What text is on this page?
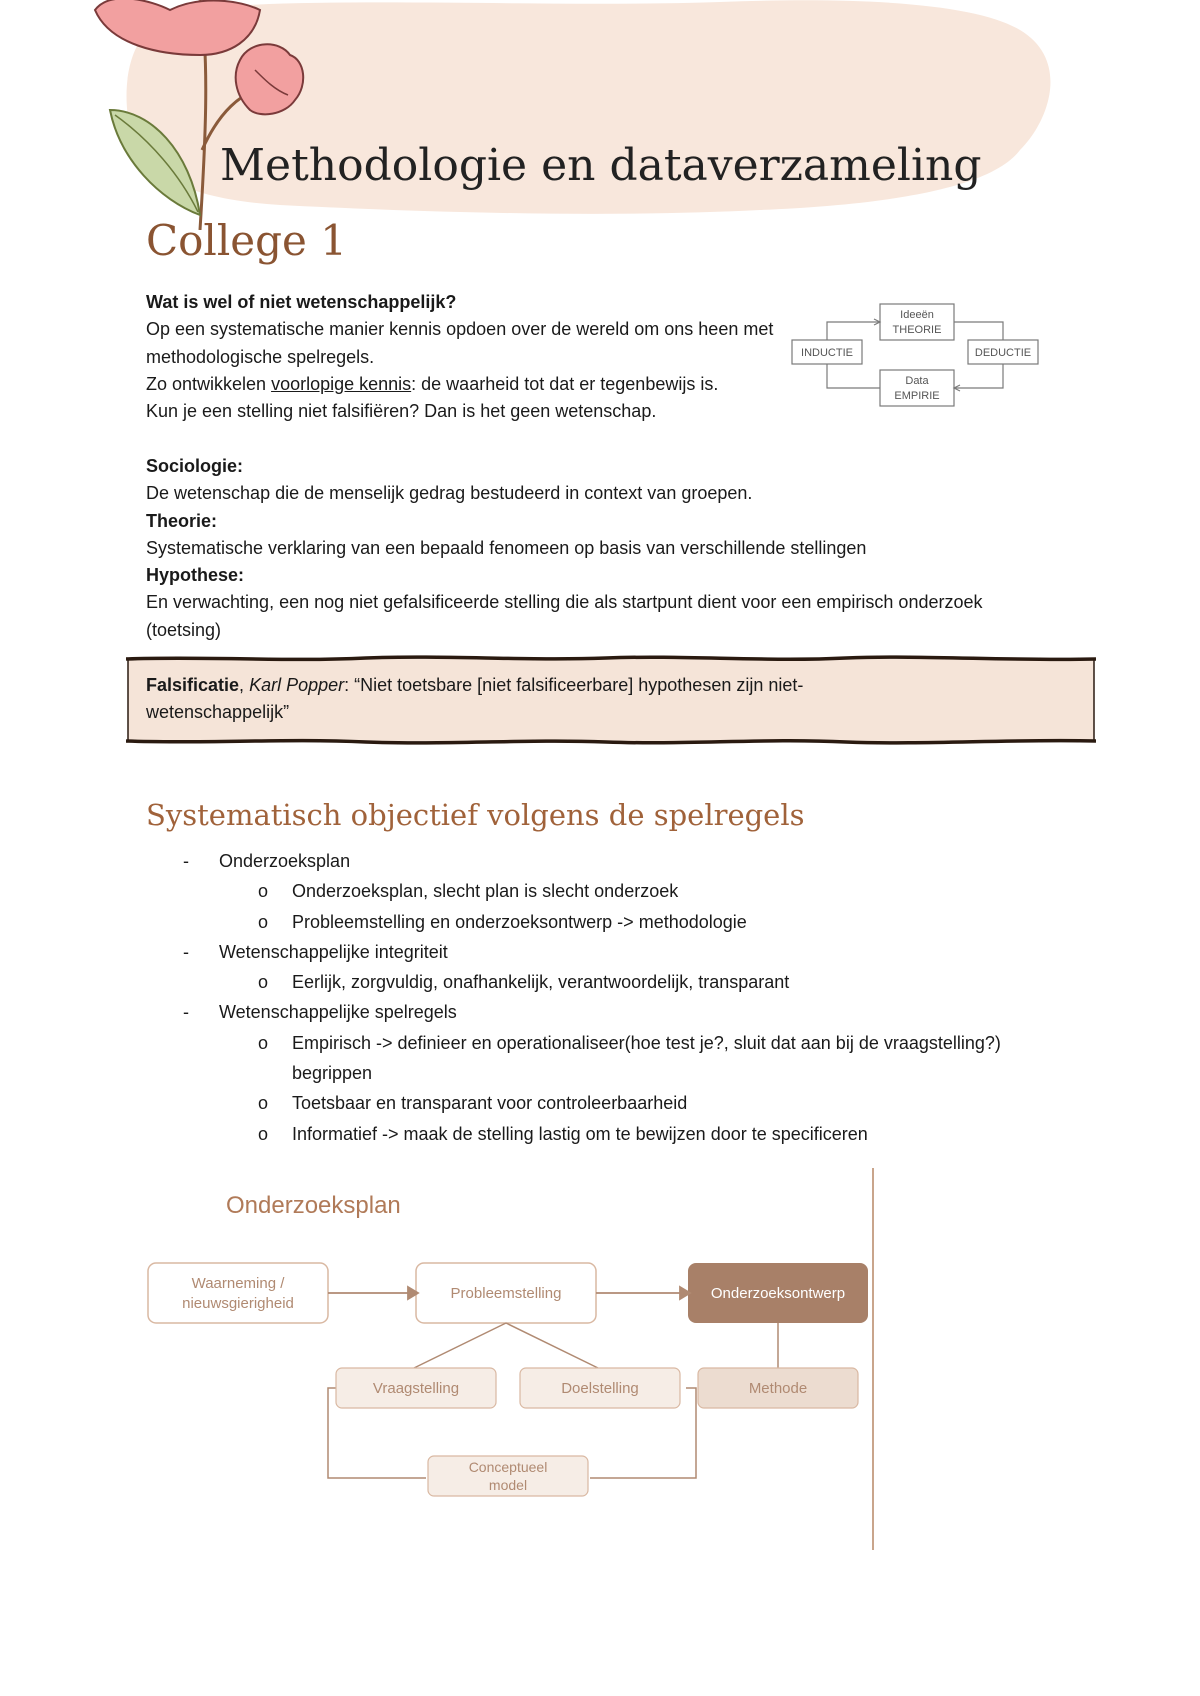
Methodologie en dataverzameling
College 1

Wat is wel of niet wetenschappelijk?

Op een systematische manier kennis opdoen over de wereld om ons heen met methodologische spelregels.

Zo ontwikkelen voorlopige kennis: de waarheid tot dat er tegenbewijs is.

Kun je een stelling niet falsifiëren? Dan is het geen wetenschap.

Sociologie:

De wetenschap die de menselijk gedrag bestudeerd in context van groepen.

Theorie:

Systematische verklaring van een bepaald fenomeen op basis van verschillende stellingen

Hypothese:

En verwachting, een nog niet gefalsificeerde stelling die als startpunt dient voor een empirisch onderzoek (toetsing)

Ideeën
THEORIE
Data
EMPIRIE
INDUCTIE	DEDUCTIE
Falsificatie, Karl Popper: “Niet toetsbare [niet falsificeerbare] hypothesen zijn niet-wetenschappelijk”
Systematisch objectief volgens de spelregels
- Onderzoeksplan
o Onderzoeksplan, slecht plan is slecht onderzoek
o Probleemstelling en onderzoeksontwerp -> methodologie
- Wetenschappelijke integriteit
o Eerlijk, zorgvuldig, onafhankelijk, verantwoordelijk, transparant
- Wetenschappelijke spelregels
o Empirisch -> definieer en operationaliseer(hoe test je?, sluit dat aan bij de vraagstelling?) begrippen
o Toetsbaar en transparant voor controleerbaarheid
o Informatief -> maak de stelling lastig om te bewijzen door te specificeren
Onderzoeksplan
Waarneming /
nieuwsgierigheid
Probleemstelling	Onderzoeksontwerp
Vraagstelling	Doelstelling	Methode
Conceptueel
model
